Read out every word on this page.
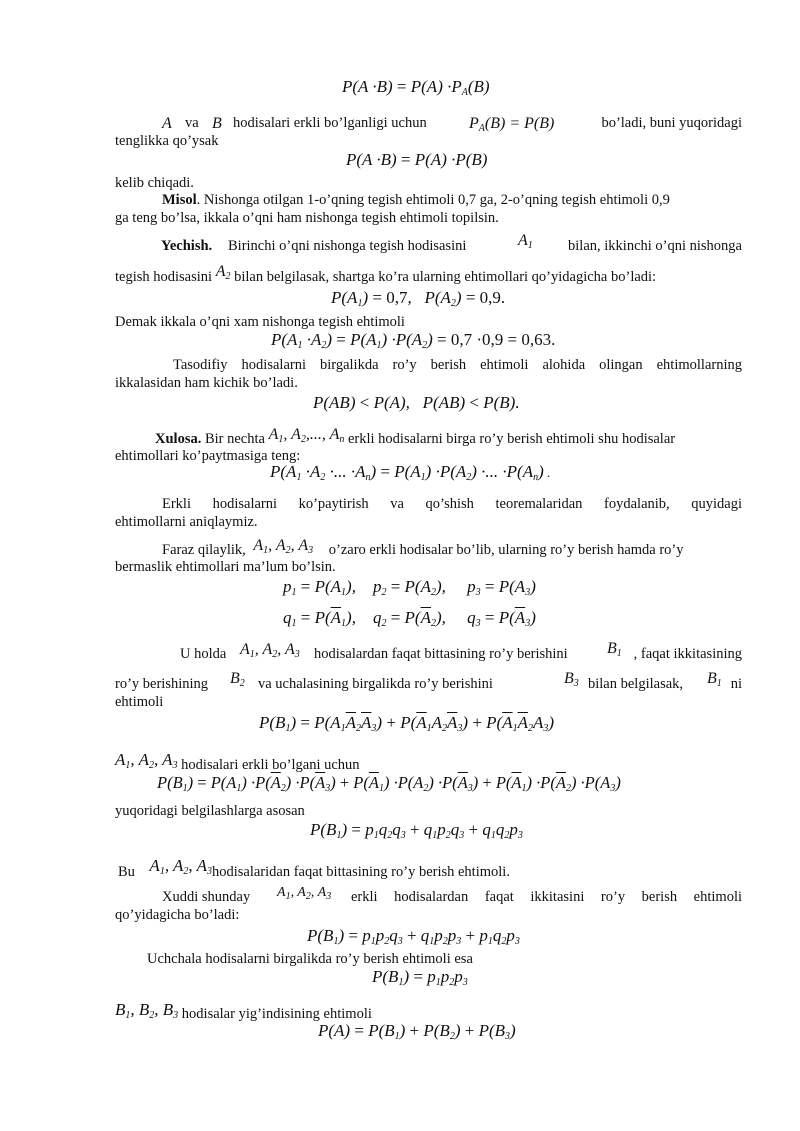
$P(A \cdot B) = P(A) \cdot P_A(B)$
A va B hodisalari erkli bo’lganligi uchun	$P_A(B) = P(B)$	bo’ladi, buni yuqoridagi
tenglikka qo’ysak
P(A ·B) = P(A) ·P(B)
kelib chiqadi.
Misol. Nishonga otilgan 1-o’qning tegish ehtimoli 0,7 ga, 2-o’qning tegish ehtimoli 0,9
ga teng bo’lsa, ikkala o’qni ham nishonga tegish ehtimoli topilsin.
Yechish. Birinchi o’qni nishonga tegish hodisasini	$A_1$ bilan, ikkinchi o’qni nishonga
tegish hodisasini $A_2$ bilan belgilasak, shartga ko’ra ularning ehtimollari qo’yidagicha bo’ladi:
$P(A_1) = 0,7$,   $P(A_2) = 0,9$.
Demak ikkala o’qni xam nishonga tegish ehtimoli
$P(A_1 \cdot A_2) = P(A_1) \cdot P(A_2) = 0,7 \cdot 0,9 = 0,63$.
Tasodifiy hodisalarni birgalikda ro’y berish ehtimoli alohida olingan ehtimollarning
ikkalasidan ham kichik bo’ladi.
P(AB) < P(A),   P(AB) < P(B).
Xulosa. Bir nechta $A_1$, $A_2$,..., $A_n$ erkli hodisalarni birga ro’y berish ehtimoli shu hodisalar
ehtimollari ko’paytmasiga teng:
$P(A_1 \cdot A_2$ ·... $\cdot A_n) = P(A_1) \cdot P(A_2)$ ·... $\cdot P(A_n)$ .
Erkli hodisalarni ko’paytirish va qo’shish teoremalaridan foydalanib, quyidagi
ehtimollarni aniqlaymiz.
Faraz qilaylik,  $A_1$, $A_2$, $A_3$ o’zaro erkli hodisalar bo’lib, ularning ro’y berish hamda ro’y
bermaslik ehtimollari ma’lum bo’lsin.
$p_1 = P(A_1)$,    $p_2 = P(A_2)$,     $p_3 = P(A_3)$
$q_1 = P(\overline{A}_1)$,    $q_2 = P(\overline{A}_2)$,     $q_3 = P(\overline{A}_3)$
U holda $A_1$, $A_2$, $A_3$ hodisalardan faqat bittasining ro’y berishini $B_1$ , faqat ikkitasining
ro’y berishining $B_2$ va uchalasining birgalikda ro’y berishini	$B_3$ bilan belgilasak, $B_1$ ni
ehtimoli
$P(B_1) = P(A_1\overline{A}_2\overline{A}_3) + P(\overline{A}_1A_2\overline{A}_3) + P(\overline{A}_1\overline{A}_2A_3)$
$A_1$, $A_2$, $A_3$ hodisalari erkli bo’lgani uchun
$P(B_1) = P(A_1) \cdot P(\overline{A}_2) \cdot P(\overline{A}_3) + P(\overline{A}_1) \cdot P(A_2) \cdot P(\overline{A}_3) + P(\overline{A}_1) \cdot P(\overline{A}_2) \cdot P(A_3)$
yuqoridagi belgilashlarga asosan
$P(B_1) = p_1q_2q_3 + q_1p_2q_3 + q_1q_2p_3$
Bu $A_1$, $A_2$, $A_3hodisalaridan$ faqat bittasining ro’y berish ehtimoli.
Xuddi shunday $A_1$, $A_2$, $A_3$ erkli hodisalardan faqat ikkitasini ro’y berish ehtimoli
qo’yidagicha bo’ladi:
$P(B_1) = p_1p_2q_3 + q_1p_2p_3 + p_1q_2p_3$
Uchchala hodisalarni birgalikda ro’y berish ehtimoli esa
$P(B_1) = p_1p_2p_3$
$B_1$, $B_2$, $B_3$ hodisalar yig’indisining ehtimoli
$P(A) = P(B_1) + P(B_2) + P(B_3)$
